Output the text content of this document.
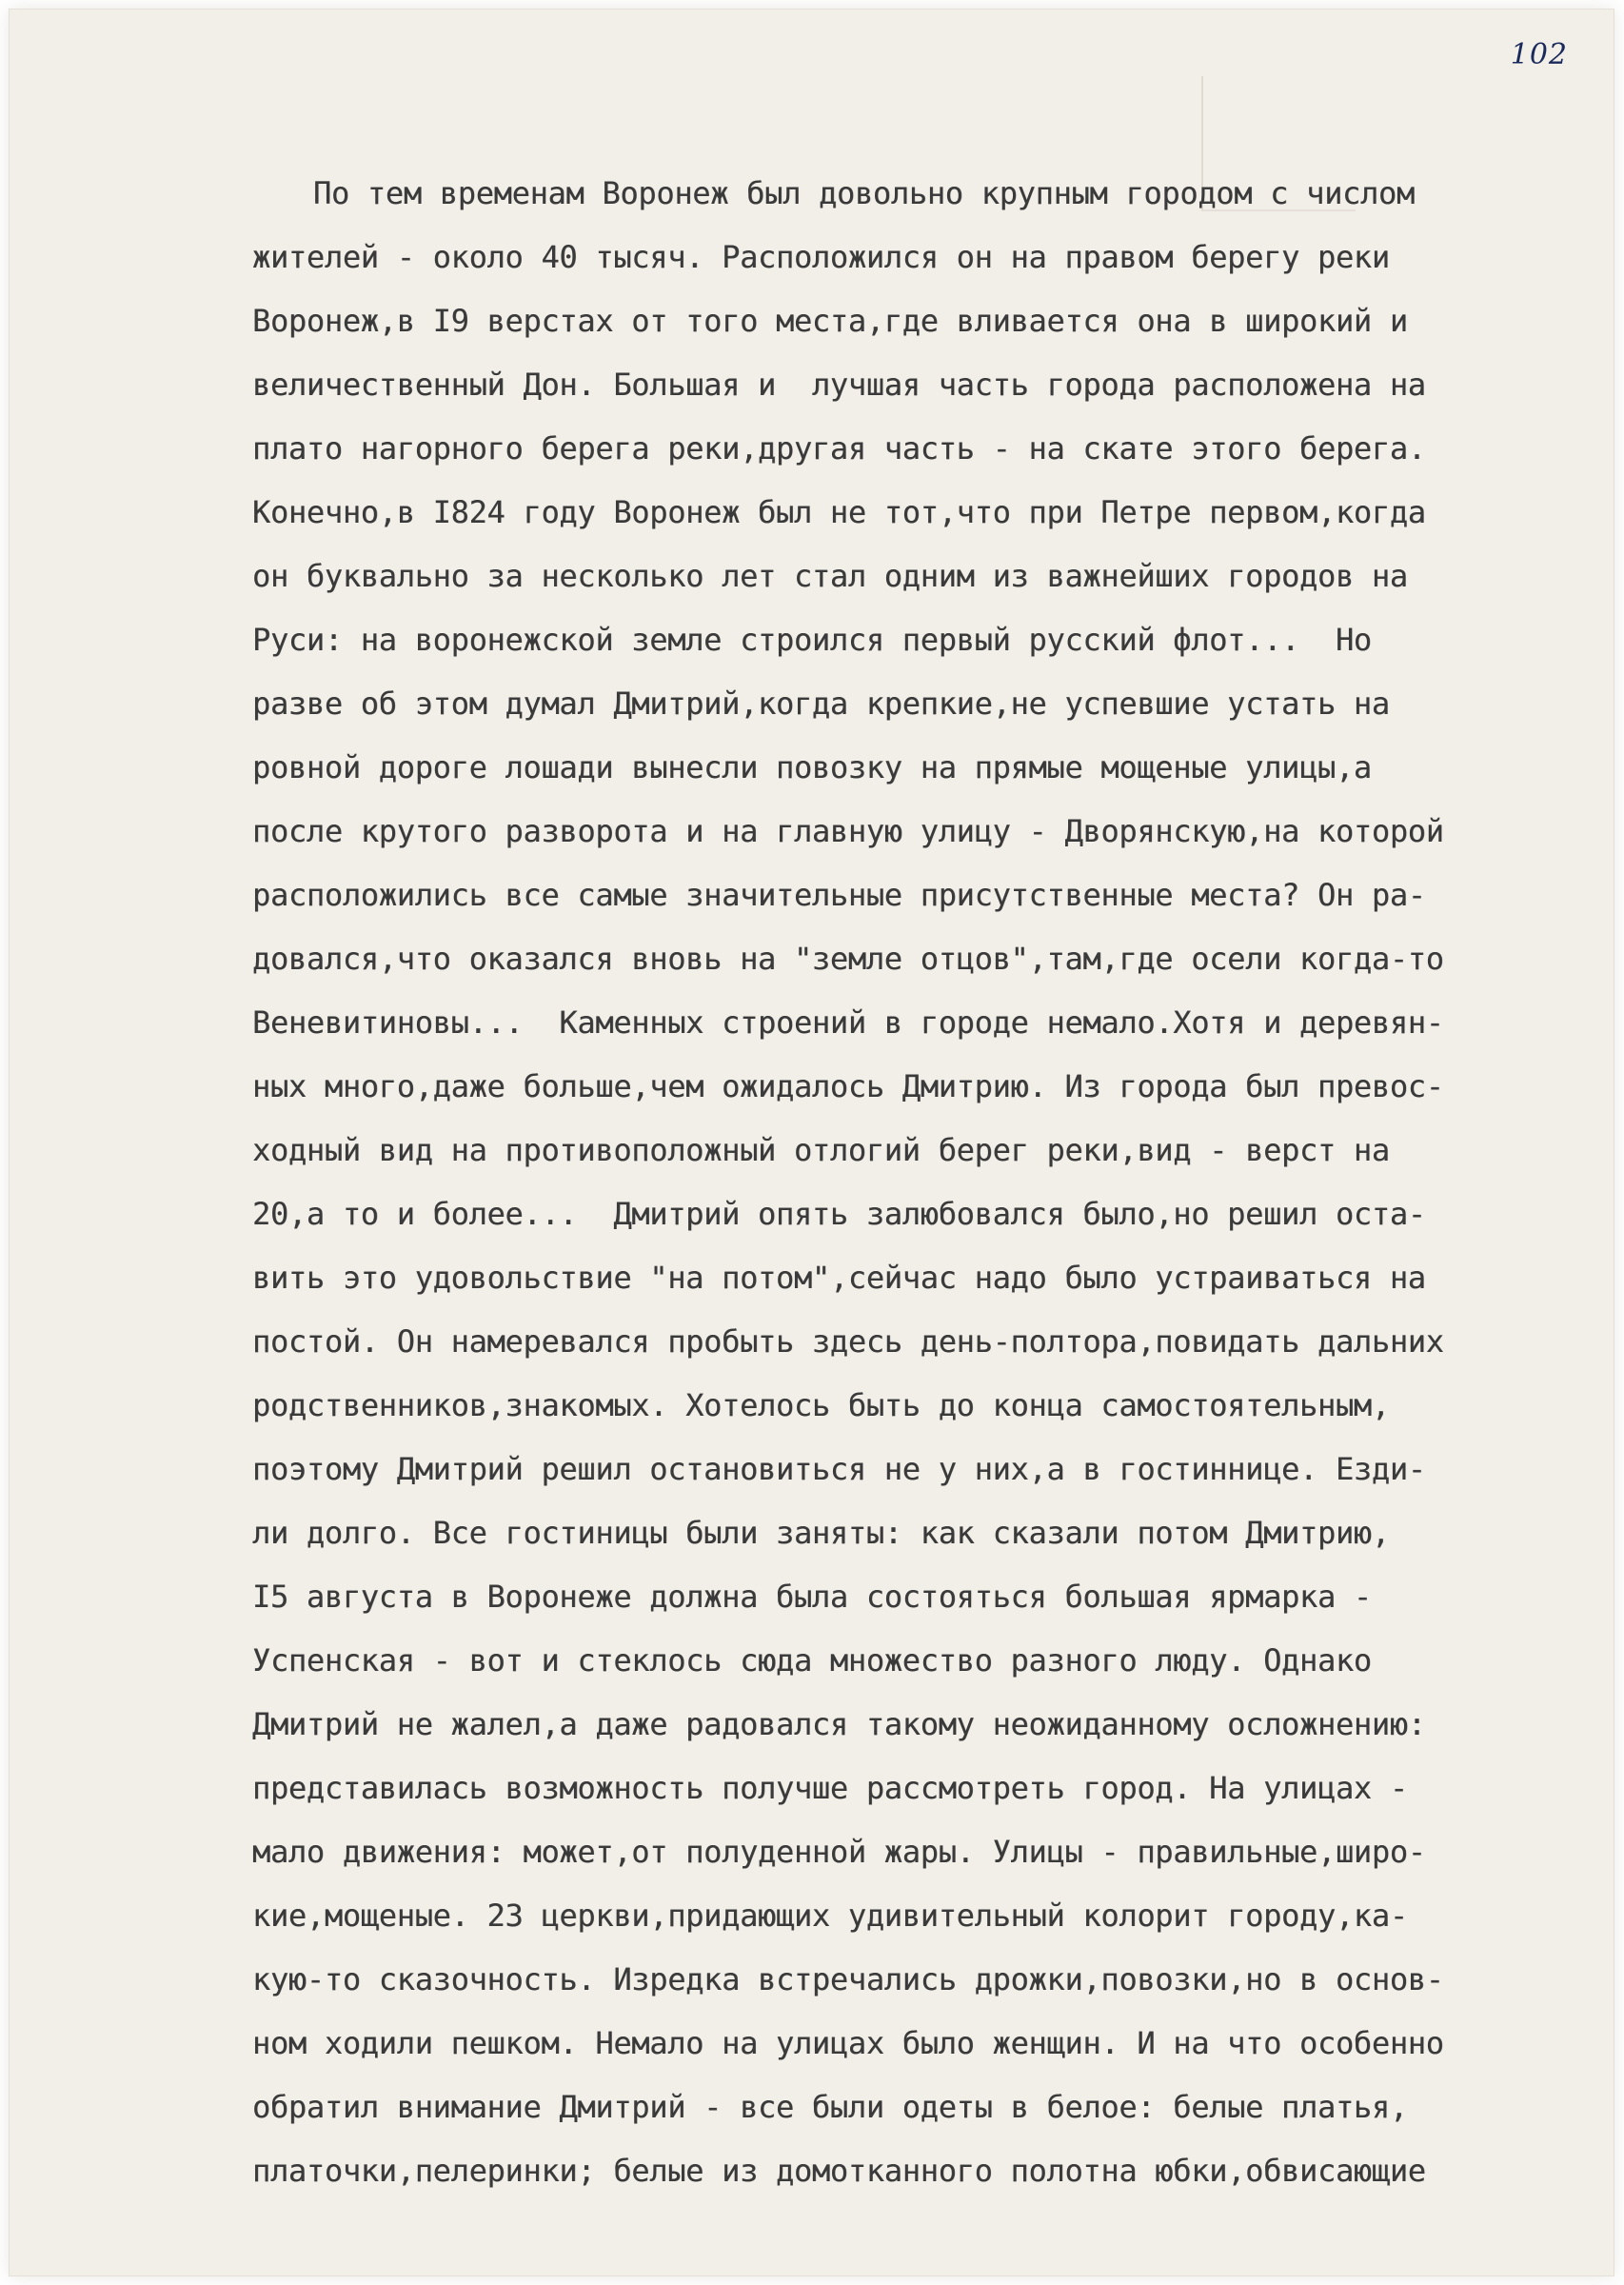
102
По тем временам Воронеж был довольно крупным городом с числом
жителей - около 40 тысяч. Расположился он на правом берегу реки
Воронеж,в I9 верстах от того места,где вливается она в широкий и
величественный Дон. Большая и  лучшая часть города расположена на
плато нагорного берега реки,другая часть - на скате этого берега.
Конечно,в I824 году Воронеж был не тот,что при Петре первом,когда
он буквально за несколько лет стал одним из важнейших городов на
Руси: на воронежской земле строился первый русский флот...  Но
разве об этом думал Дмитрий,когда крепкие,не успевшие устать на
ровной дороге лошади вынесли повозку на прямые мощеные улицы,а
после крутого разворота и на главную улицу - Дворянскую,на которой
расположились все самые значительные присутственные места? Он ра-
довался,что оказался вновь на "земле отцов",там,где осели когда-то
Веневитиновы...  Каменных строений в городе немало.Хотя и деревян-
ных много,даже больше,чем ожидалось Дмитрию. Из города был превос-
ходный вид на противоположный отлогий берег реки,вид - верст на
20,а то и более...  Дмитрий опять залюбовался было,но решил оста-
вить это удовольствие "на потом",сейчас надо было устраиваться на
постой. Он намеревался пробыть здесь день-полтора,повидать дальних
родственников,знакомых. Хотелось быть до конца самостоятельным,
поэтому Дмитрий решил остановиться не у них,а в гостиннице. Езди-
ли долго. Все гостиницы были заняты: как сказали потом Дмитрию,
I5 августа в Воронеже должна была состояться большая ярмарка -
Успенская - вот и стеклось сюда множество разного люду. Однако
Дмитрий не жалел,а даже радовался такому неожиданному осложнению:
представилась возможность получше рассмотреть город. На улицах -
мало движения: может,от полуденной жары. Улицы - правильные,широ-
кие,мощеные. 23 церкви,придающих удивительный колорит городу,ка-
кую-то сказочность. Изредка встречались дрожки,повозки,но в основ-
ном ходили пешком. Немало на улицах было женщин. И на что особенно
обратил внимание Дмитрий - все были одеты в белое: белые платья,
платочки,пелеринки; белые из домотканного полотна юбки,обвисающие
